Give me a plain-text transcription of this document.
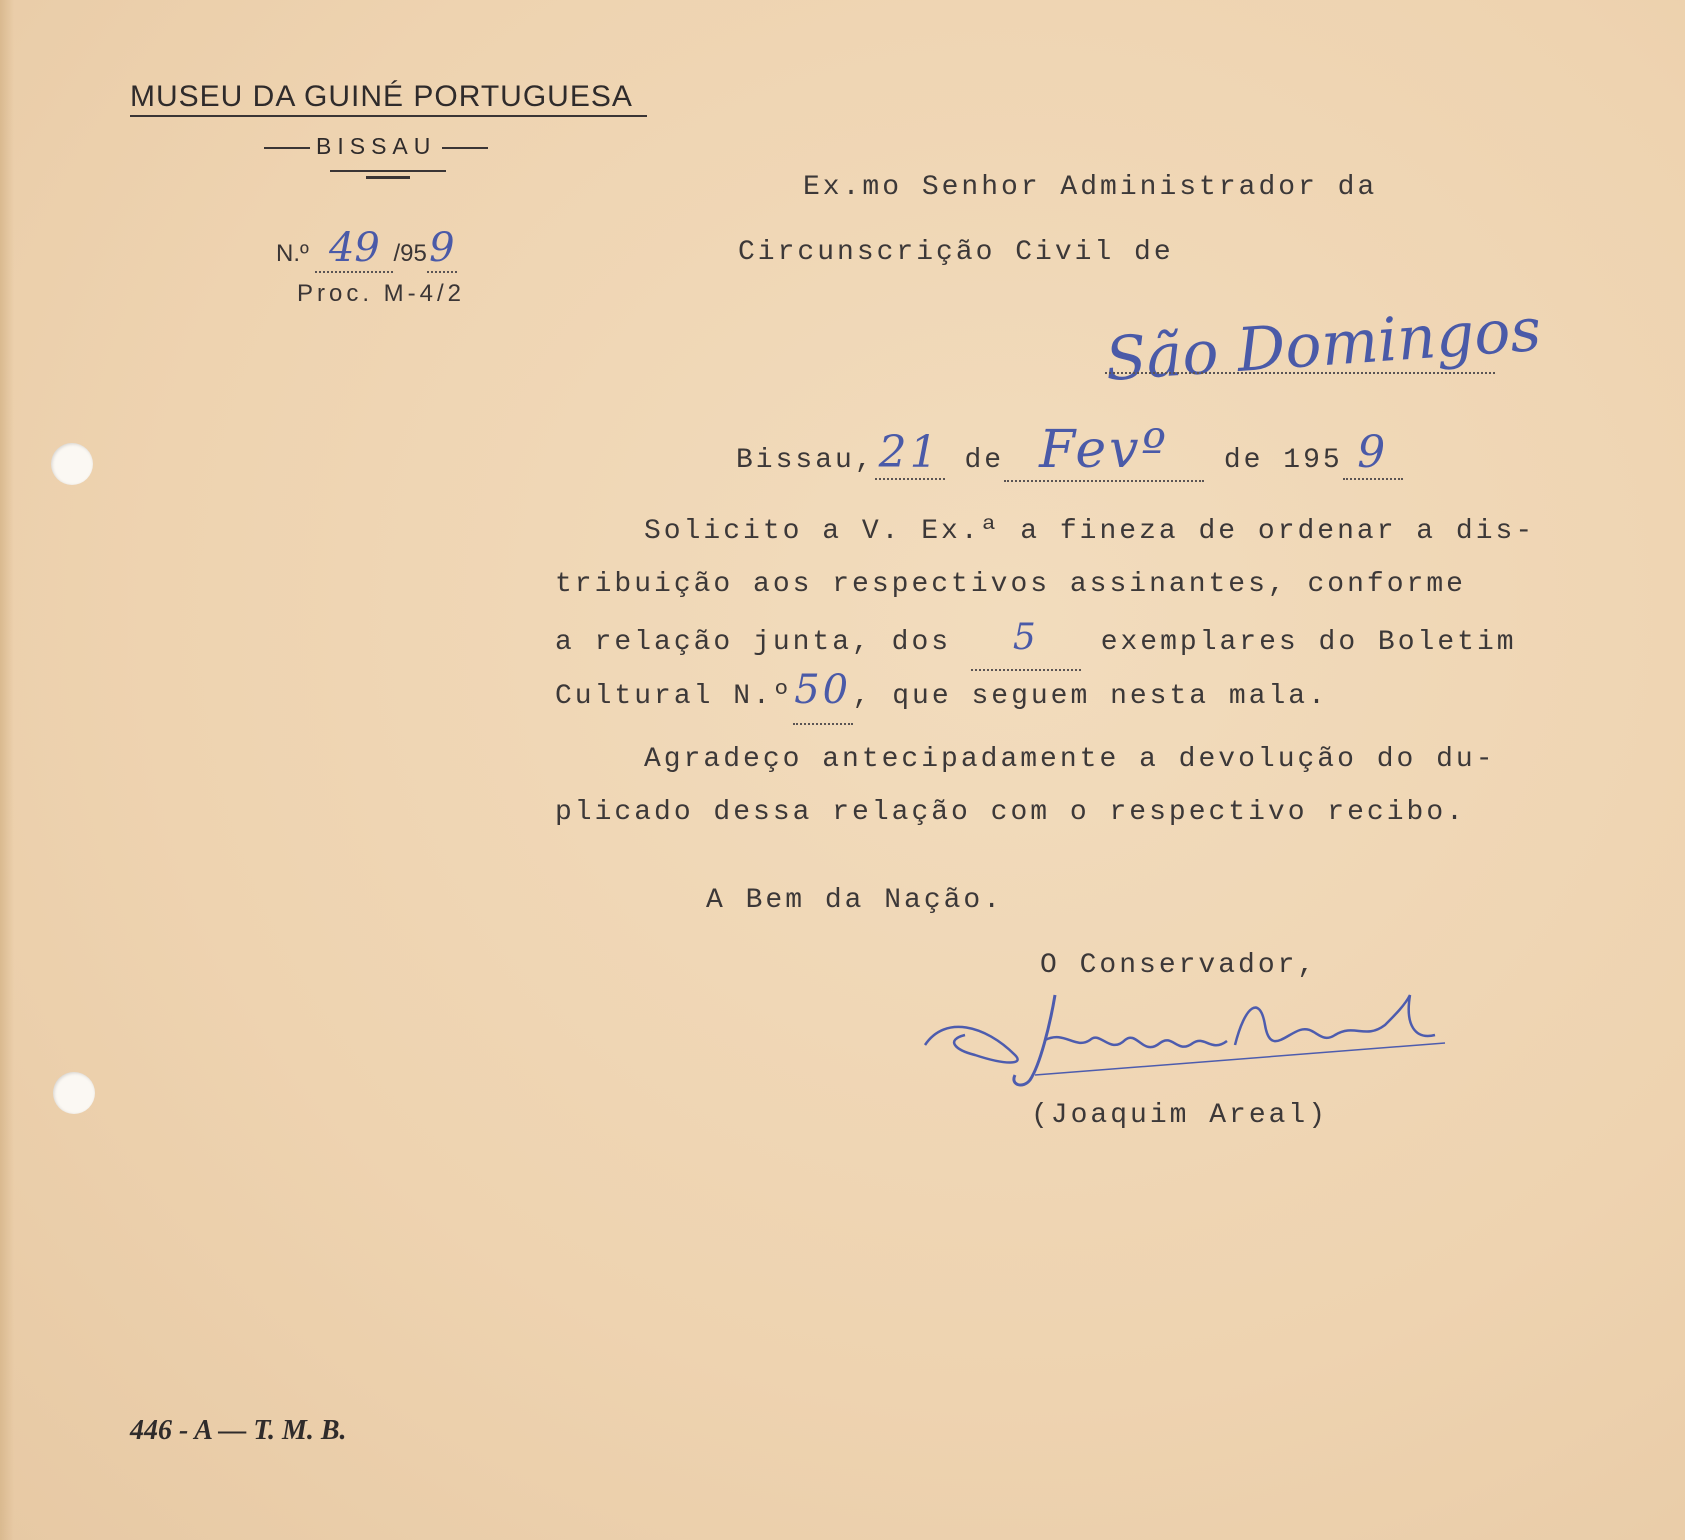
MUSEU DA GUINÉ PORTUGUESA
BISSAU
N.º 49 /959
Proc. M-4/2
Ex.mo Senhor Administrador da
Circunscrição Civil de
São Domingos
Bissau,21 de Fevº de 195 9
Solicito a V. Ex.ª a fineza de ordenar a dis-
tribuição aos respectivos assinantes, conforme
a relação junta, dos 5 exemplares do Boletim
Cultural N.º50, que seguem nesta mala.
Agradeço antecipadamente a devolução do du-
plicado dessa relação com o respectivo recibo.
A Bem da Nação.
O Conservador,
(Joaquim Areal)
446 - A — T. M. B.
